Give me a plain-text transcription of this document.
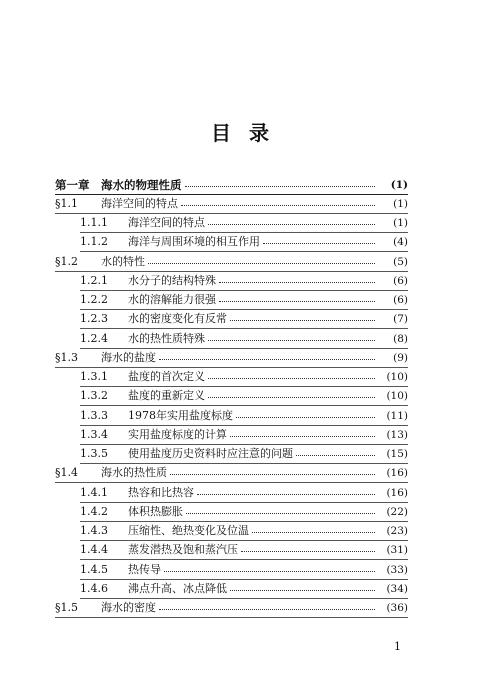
目 录
第一章	海水的物理性质	(1)
§1.1	海洋空间的特点	(1)
1.1.1	海洋空间的特点	(1)
1.1.2	海洋与周围环境的相互作用	(4)
§1.2	水的特性	(5)
1.2.1	水分子的结构特殊	(6)
1.2.2	水的溶解能力很强	(6)
1.2.3	水的密度变化有反常	(7)
1.2.4	水的热性质特殊	(8)
§1.3	海水的盐度	(9)
1.3.1	盐度的首次定义	(10)
1.3.2	盐度的重新定义	(10)
1.3.3	1978年实用盐度标度	(11)
1.3.4	实用盐度标度的计算	(13)
1.3.5	使用盐度历史资料时应注意的问题	(15)
§1.4	海水的热性质	(16)
1.4.1	热容和比热容	(16)
1.4.2	体积热膨胀	(22)
1.4.3	压缩性、绝热变化及位温	(23)
1.4.4	蒸发潜热及饱和蒸汽压	(31)
1.4.5	热传导	(33)
1.4.6	沸点升高、冰点降低	(34)
§1.5	海水的密度	(36)
1
